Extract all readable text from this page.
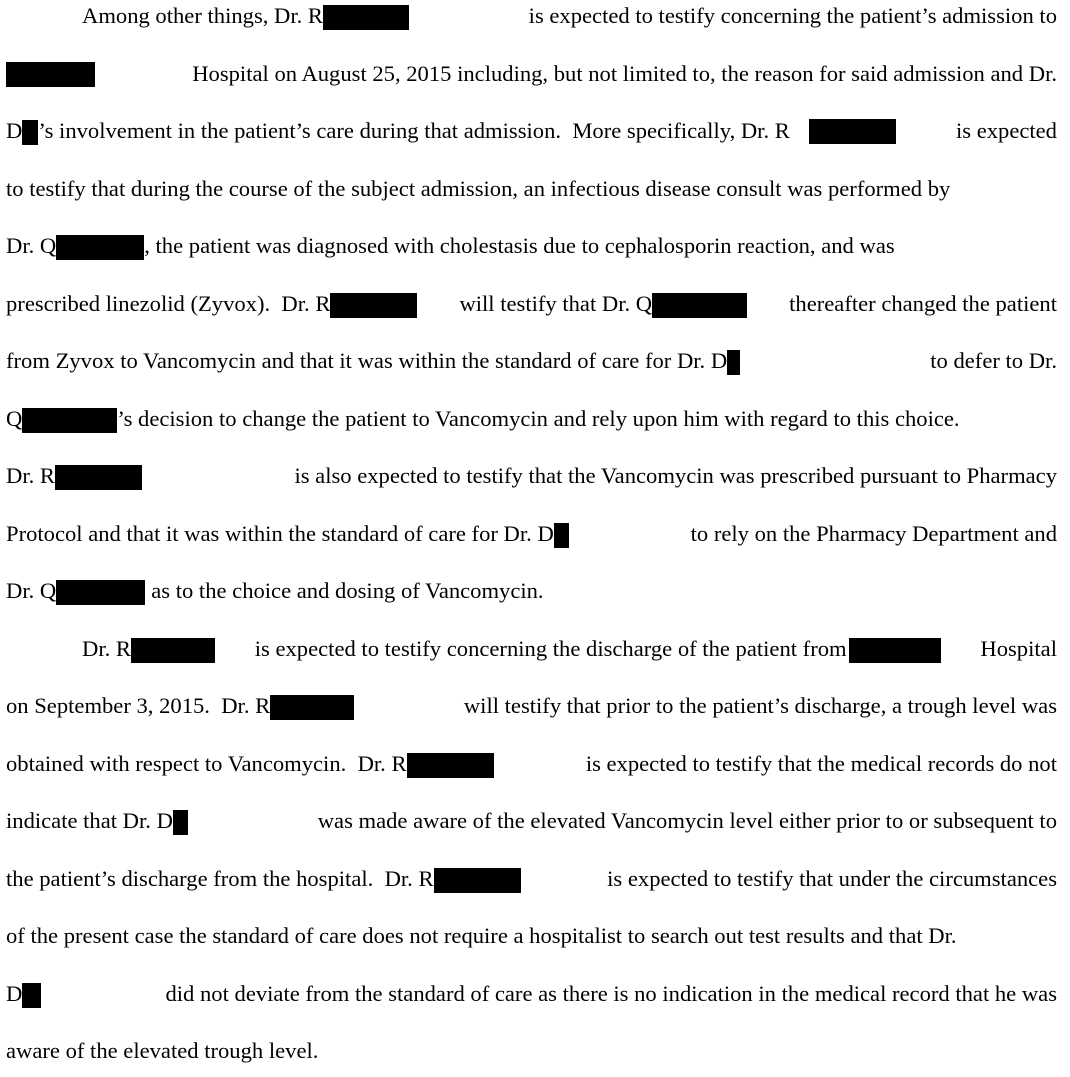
Among other things, Dr. R	is expected to testify concerning the patient’s admission to
Hospital on August 25, 2015 including, but not limited to, the reason for said admission and Dr.
D ’s involvement in the patient’s care during that admission.  More specifically, Dr. R	is expected
to testify that during the course of the subject admission, an infectious disease consult was performed by
Dr. Q	, the patient was diagnosed with cholestasis due to cephalosporin reaction, and was
prescribed linezolid (Zyvox).  Dr. R	will testify that Dr. Q	thereafter changed the patient
from Zyvox to Vancomycin and that it was within the standard of care for Dr. D	to defer to Dr.
Q	’s decision to change the patient to Vancomycin and rely upon him with regard to this choice.
Dr. R	is also expected to testify that the Vancomycin was prescribed pursuant to Pharmacy
Protocol and that it was within the standard of care for Dr. D	to rely on the Pharmacy Department and
Dr. Q	as to the choice and dosing of Vancomycin.
Dr. R	is expected to testify concerning the discharge of the patient from	Hospital
on September 3, 2015.  Dr. R	will testify that prior to the patient’s discharge, a trough level was
obtained with respect to Vancomycin.  Dr. R	is expected to testify that the medical records do not
indicate that Dr. D	was made aware of the elevated Vancomycin level either prior to or subsequent to
the patient’s discharge from the hospital.  Dr. R	is expected to testify that under the circumstances
of the present case the standard of care does not require a hospitalist to search out test results and that Dr.
D	did not deviate from the standard of care as there is no indication in the medical record that he was
aware of the elevated trough level.
